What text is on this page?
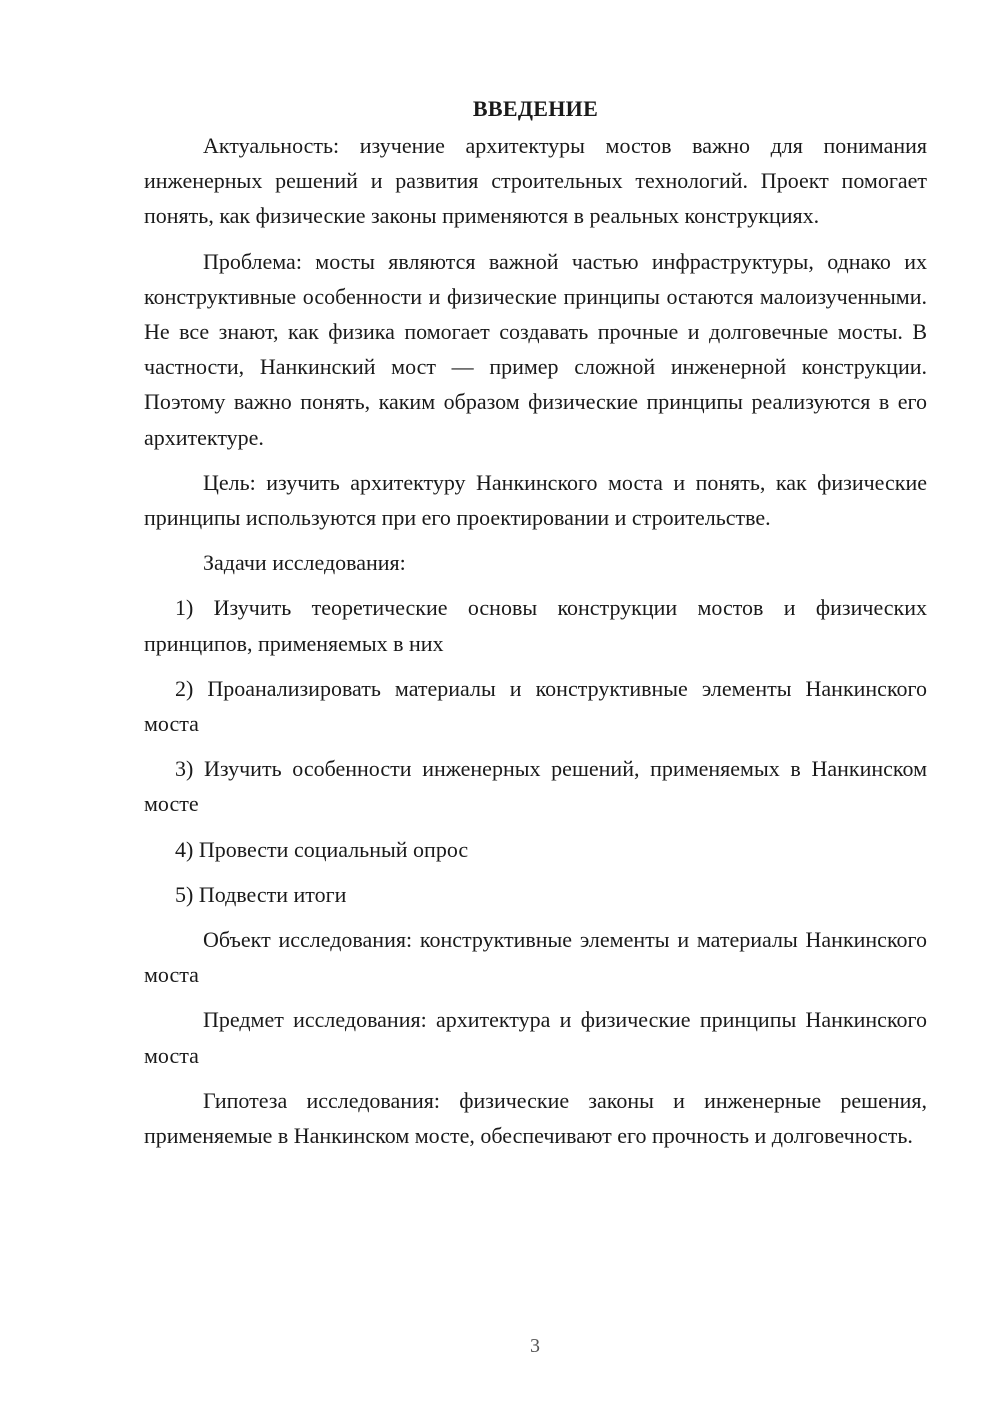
ВВЕДЕНИЕ

Актуальность: изучение архитектуры мостов важно для понимания инженерных решений и развития строительных технологий. Проект помогает понять, как физические законы применяются в реальных конструкциях.

Проблема: мосты являются важной частью инфраструктуры, однако их конструктивные особенности и физические принципы остаются малоизученными. Не все знают, как физика помогает создавать прочные и долговечные мосты. В частности, Нанкинский мост — пример сложной инженерной конструкции. Поэтому важно понять, каким образом физические принципы реализуются в его архитектуре.

Цель: изучить архитектуру Нанкинского моста и понять, как физические принципы используются при его проектировании и строительстве.

Задачи исследования:

1) Изучить теоретические основы конструкции мостов и физических принципов, применяемых в них

2) Проанализировать материалы и конструктивные элементы Нанкинского моста

3) Изучить особенности инженерных решений, применяемых в Нанкинском мосте

4) Провести социальный опрос

5) Подвести итоги

Объект исследования: конструктивные элементы и материалы Нанкинского моста

Предмет исследования: архитектура и физические принципы Нанкинского моста

Гипотеза исследования: физические законы и инженерные решения, применяемые в Нанкинском мосте, обеспечивают его прочность и долговечность.

3
